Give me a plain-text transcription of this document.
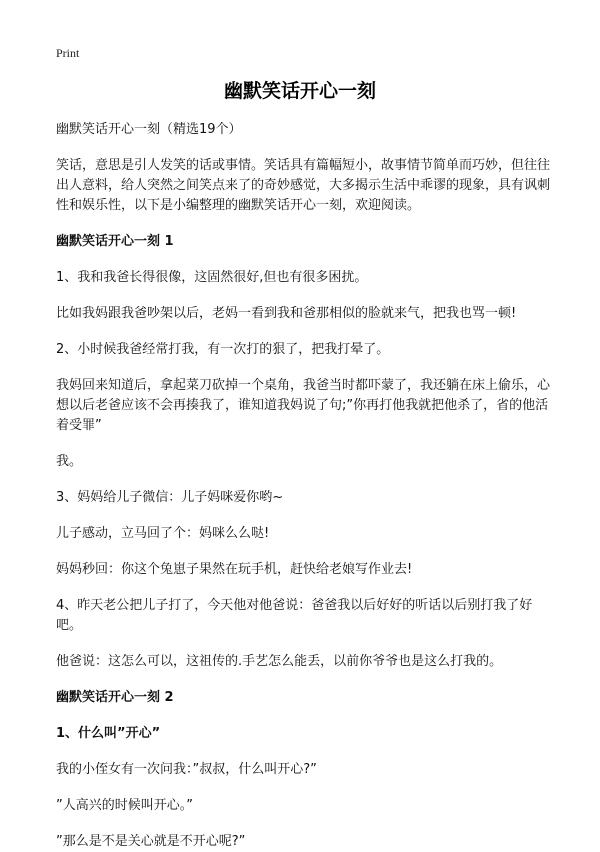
Print
幽默笑话开心一刻

幽默笑话开心一刻（精选19个）

笑话，意思是引人发笑的话或事情。笑话具有篇幅短小，故事情节简单而巧妙，但往往出人意料，给人突然之间笑点来了的奇妙感觉，大多揭示生活中乖谬的现象，具有讽刺性和娱乐性，以下是小编整理的幽默笑话开心一刻，欢迎阅读。

幽默笑话开心一刻 1

1、我和我爸长得很像，这固然很好,但也有很多困扰。

比如我妈跟我爸吵架以后，老妈一看到我和爸那相似的脸就来气，把我也骂一顿!

2、小时候我爸经常打我，有一次打的狠了，把我打晕了。

我妈回来知道后，拿起菜刀砍掉一个桌角，我爸当时都吓蒙了，我还躺在床上偷乐，心想以后老爸应该不会再揍我了，谁知道我妈说了句;”你再打他我就把他杀了，省的他活着受罪”

我。

3、妈妈给儿子微信：儿子妈咪爱你哟~

儿子感动，立马回了个：妈咪么么哒!

妈妈秒回：你这个兔崽子果然在玩手机，赶快给老娘写作业去!

4、昨天老公把儿子打了，今天他对他爸说：爸爸我以后好好的听话以后别打我了好吧。

他爸说：这怎么可以，这祖传的.手艺怎么能丢，以前你爷爷也是这么打我的。

幽默笑话开心一刻 2

1、什么叫”开心”

我的小侄女有一次问我：”叔叔，什么叫开心?”

”人高兴的时候叫开心。”

”那么是不是关心就是不开心呢?”
